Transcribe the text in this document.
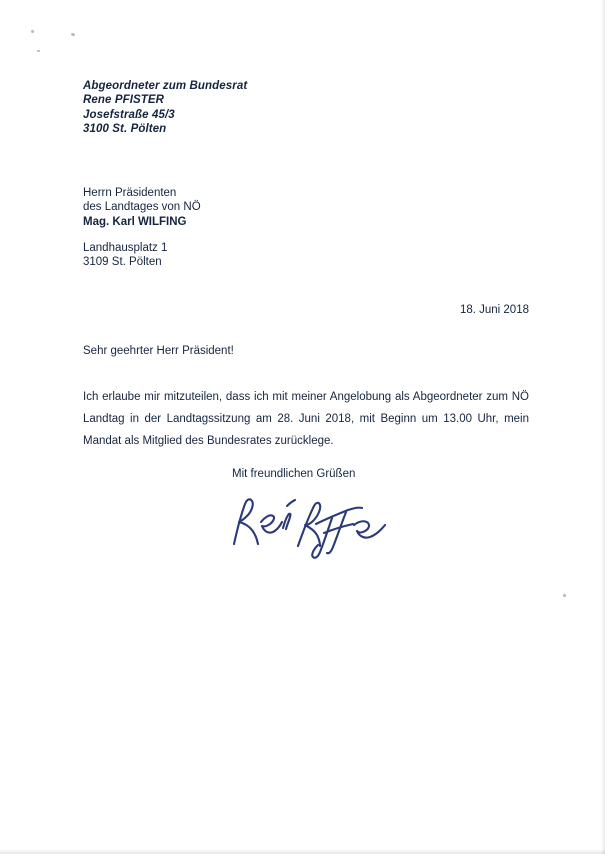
Abgeordneter zum Bundesrat
Rene PFISTER
Josefstraße 45/3
3100 St. Pölten
Herrn Präsidenten
des Landtages von NÖ
Mag. Karl WILFING
Landhausplatz 1
3109 St. Pölten
18. Juni 2018
Sehr geehrter Herr Präsident!
Ich erlaube mir mitzuteilen, dass ich mit meiner Angelobung als Abgeordneter zum NÖ Landtag in der Landtagssitzung am 28. Juni 2018, mit Beginn um 13.00 Uhr, mein Mandat als Mitglied des Bundesrates zurücklege.
Mit freundlichen Grüßen
